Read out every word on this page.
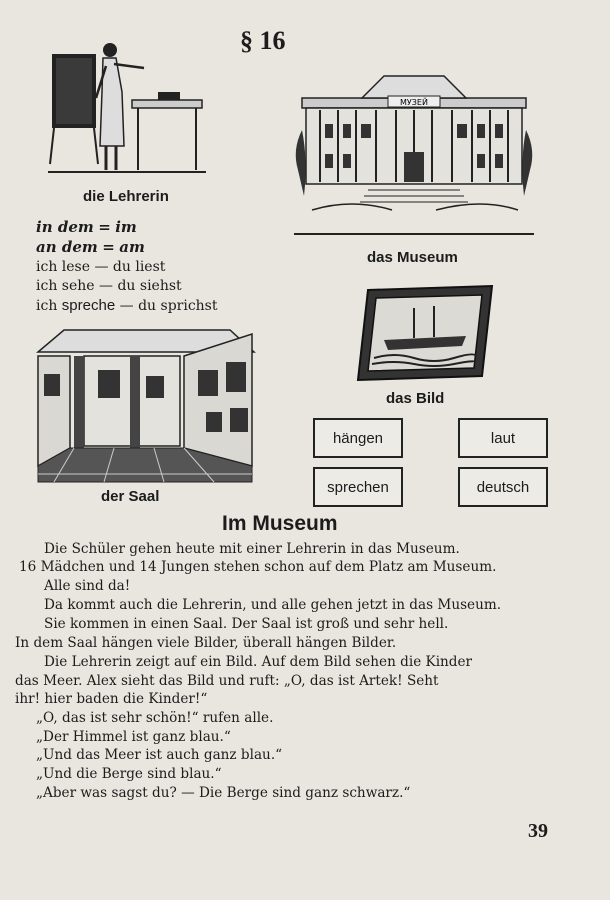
§ 16
die Lehrerin
МУЗЕЙ
das Museum
in dem = im
an dem = am
ich lese — du liest
ich sehe — du siehst
ich spreche — du sprichst
das Bild
der Saal
hängen	laut
sprechen	deutsch
Im Museum
Die Schüler gehen heute mit einer Lehrerin in das Museum.
16 Mädchen und 14 Jungen stehen schon auf dem Platz am Museum.
Alle sind da!
Da kommt auch die Lehrerin, und alle gehen jetzt in das Museum.
Sie kommen in einen Saal. Der Saal ist groß und sehr hell.
In dem Saal hängen viele Bilder, überall hängen Bilder.
Die Lehrerin zeigt auf ein Bild. Auf dem Bild sehen die Kinder
das Meer. Alex sieht das Bild und ruft: „O, das ist Artek! Seht
ihr! hier baden die Kinder!“
„O, das ist sehr schön!“ rufen alle.
„Der Himmel ist ganz blau.“
„Und das Meer ist auch ganz blau.“
„Und die Berge sind blau.“
„Aber was sagst du? — Die Berge sind ganz schwarz.“
39
